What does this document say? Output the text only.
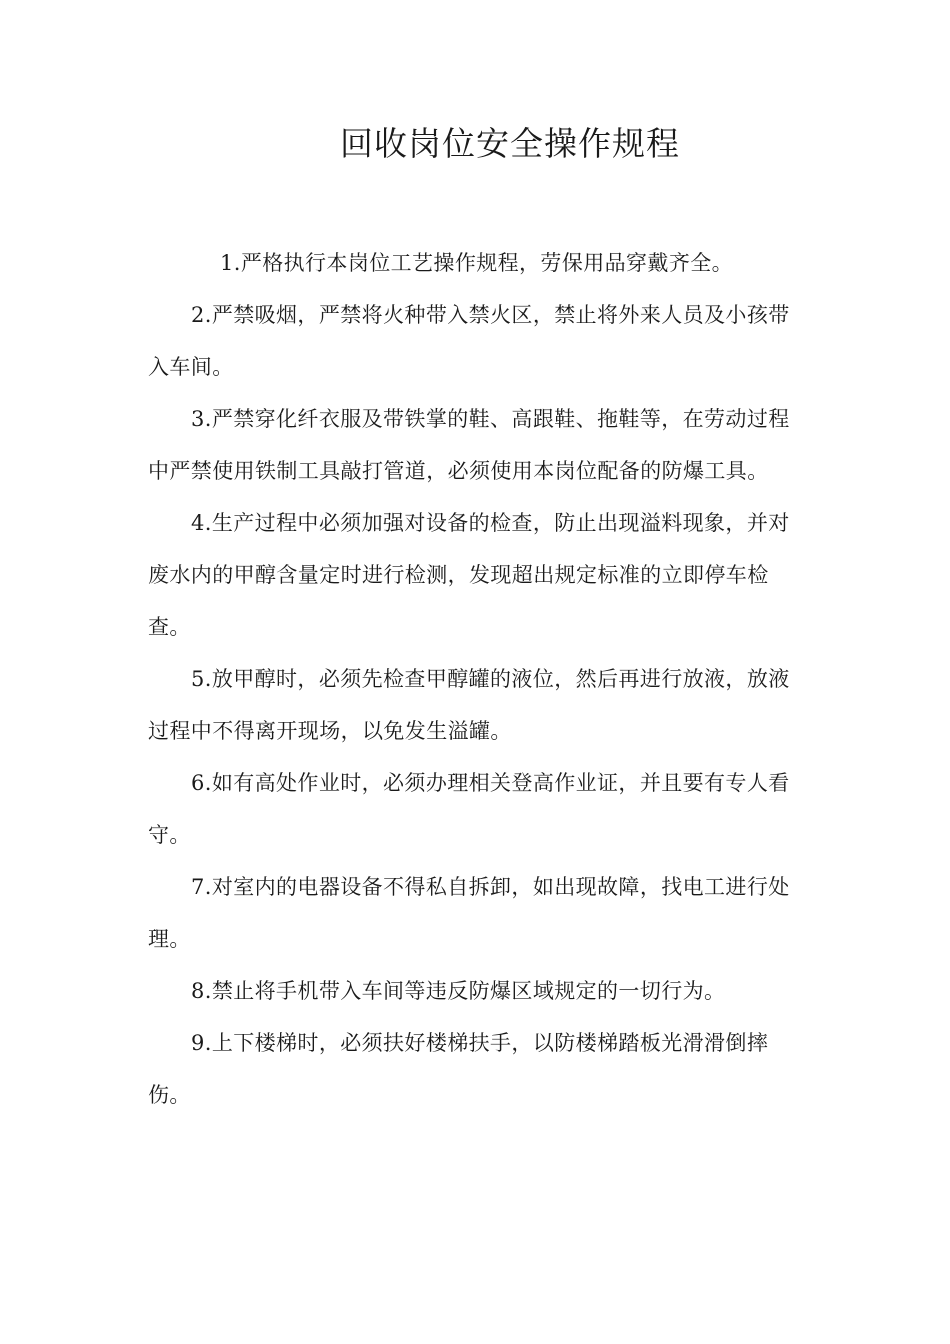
回收岗位安全操作规程

1.严格执行本岗位工艺操作规程，劳保用品穿戴齐全。

2.严禁吸烟，严禁将火种带入禁火区，禁止将外来人员及小孩带入车间。

3.严禁穿化纤衣服及带铁掌的鞋、高跟鞋、拖鞋等，在劳动过程中严禁使用铁制工具敲打管道，必须使用本岗位配备的防爆工具。

4.生产过程中必须加强对设备的检查，防止出现溢料现象，并对废水内的甲醇含量定时进行检测，发现超出规定标准的立即停车检查。

5.放甲醇时，必须先检查甲醇罐的液位，然后再进行放液，放液过程中不得离开现场，以免发生溢罐。

6.如有高处作业时，必须办理相关登高作业证，并且要有专人看守。

7.对室内的电器设备不得私自拆卸，如出现故障，找电工进行处理。

8.禁止将手机带入车间等违反防爆区域规定的一切行为。

9.上下楼梯时，必须扶好楼梯扶手，以防楼梯踏板光滑滑倒摔伤。
